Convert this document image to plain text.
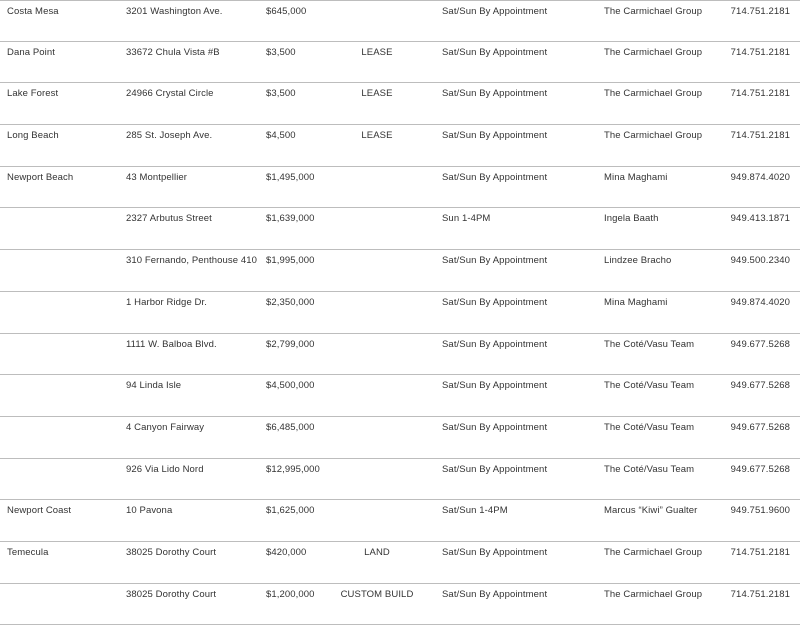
Costa Mesa	3201 Washington Ave.	$645,000	Sat/Sun By Appointment	The Carmichael Group	714.751.2181
Dana Point	33672 Chula Vista #B	$3,500	LEASE	Sat/Sun By Appointment	The Carmichael Group	714.751.2181
Lake Forest	24966 Crystal Circle	$3,500	LEASE	Sat/Sun By Appointment	The Carmichael Group	714.751.2181
Long Beach	285 St. Joseph Ave.	$4,500	LEASE	Sat/Sun By Appointment	The Carmichael Group	714.751.2181
Newport Beach	43 Montpellier	$1,495,000	Sat/Sun By Appointment	Mina Maghami	949.874.4020
2327 Arbutus Street	$1,639,000	Sun 1-4PM	Ingela Baath	949.413.1871
310 Fernando, Penthouse 410 $1,995,000	Sat/Sun By Appointment	Lindzee Bracho	949.500.2340
1 Harbor Ridge Dr.	$2,350,000	Sat/Sun By Appointment	Mina Maghami	949.874.4020
1111 W. Balboa Blvd.	$2,799,000	Sat/Sun By Appointment	The Coté/Vasu Team	949.677.5268
94 Linda Isle	$4,500,000	Sat/Sun By Appointment	The Coté/Vasu Team	949.677.5268
4 Canyon Fairway	$6,485,000	Sat/Sun By Appointment	The Coté/Vasu Team	949.677.5268
926 Via Lido Nord	$12,995,000	Sat/Sun By Appointment	The Coté/Vasu Team	949.677.5268
Newport Coast	10 Pavona	$1,625,000	Sat/Sun 1-4PM	Marcus “Kiwi” Gualter	949.751.9600
Temecula	38025 Dorothy Court	$420,000	LAND	Sat/Sun By Appointment	The Carmichael Group	714.751.2181
38025 Dorothy Court	$1,200,000	CUSTOM BUILD	Sat/Sun By Appointment	The Carmichael Group	714.751.2181
